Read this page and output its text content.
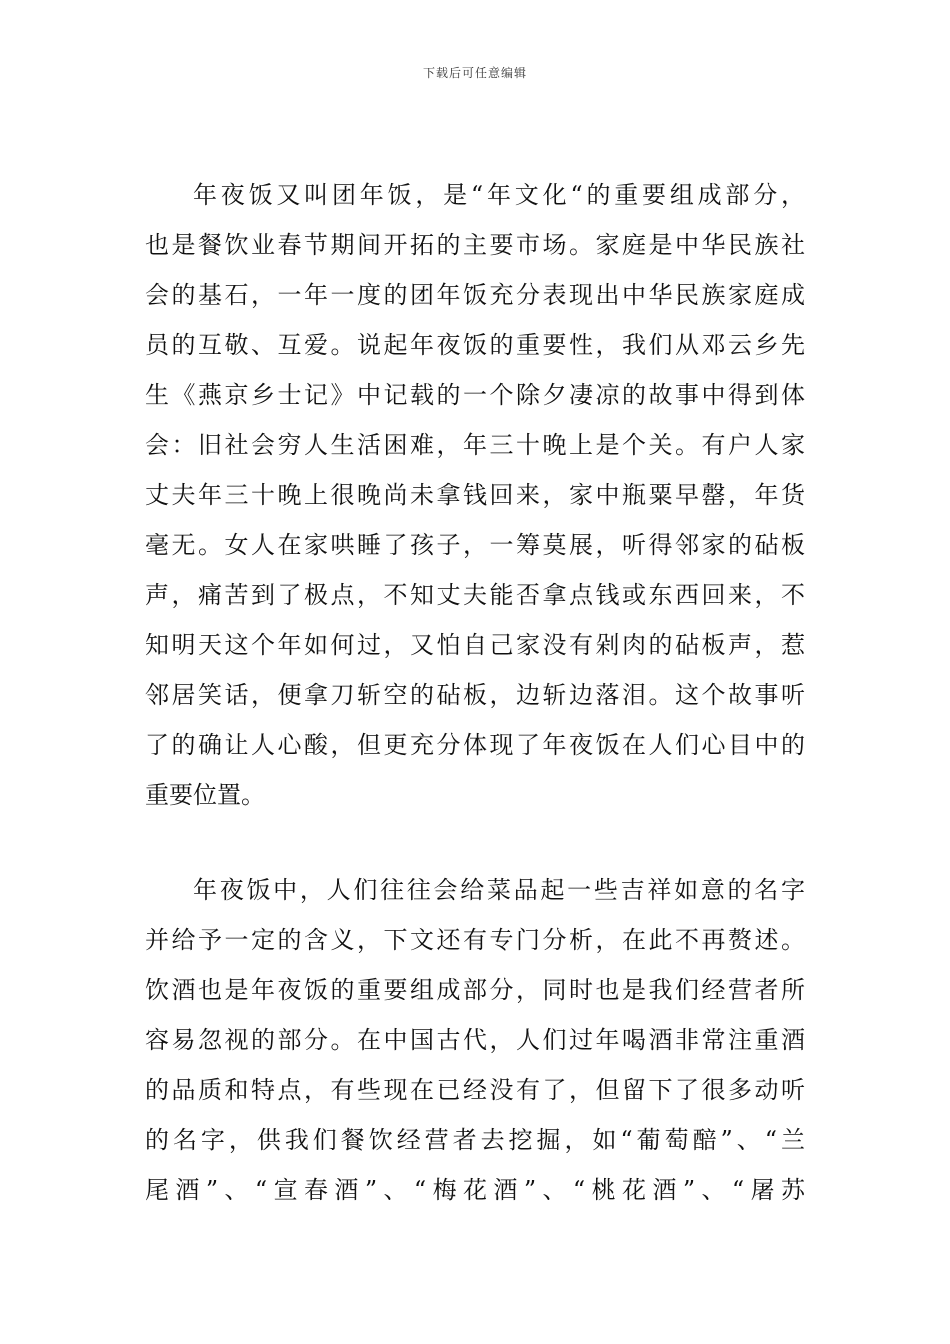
下载后可任意编辑

年夜饭又叫团年饭，是“年文化“的重要组成部分，
也是餐饮业春节期间开拓的主要市场。家庭是中华民族社
会的基石，一年一度的团年饭充分表现出中华民族家庭成
员的互敬、互爱。说起年夜饭的重要性，我们从邓云乡先
生《燕京乡士记》中记载的一个除夕凄凉的故事中得到体
会：旧社会穷人生活困难，年三十晚上是个关。有户人家
丈夫年三十晚上很晚尚未拿钱回来，家中瓶粟早罄，年货
毫无。女人在家哄睡了孩子，一筹莫展，听得邻家的砧板
声，痛苦到了极点，不知丈夫能否拿点钱或东西回来，不
知明天这个年如何过，又怕自己家没有剁肉的砧板声，惹
邻居笑话，便拿刀斩空的砧板，边斩边落泪。这个故事听
了的确让人心酸，但更充分体现了年夜饭在人们心目中的
重要位置。

年夜饭中，人们往往会给菜品起一些吉祥如意的名字
并给予一定的含义，下文还有专门分析，在此不再赘述。
饮酒也是年夜饭的重要组成部分，同时也是我们经营者所
容易忽视的部分。在中国古代，人们过年喝酒非常注重酒
的品质和特点，有些现在已经没有了，但留下了很多动听
的名字，供我们餐饮经营者去挖掘，如“葡萄醅”、“兰
尾酒”、“宣春酒”、“梅花酒”、“桃花酒”、“屠苏
